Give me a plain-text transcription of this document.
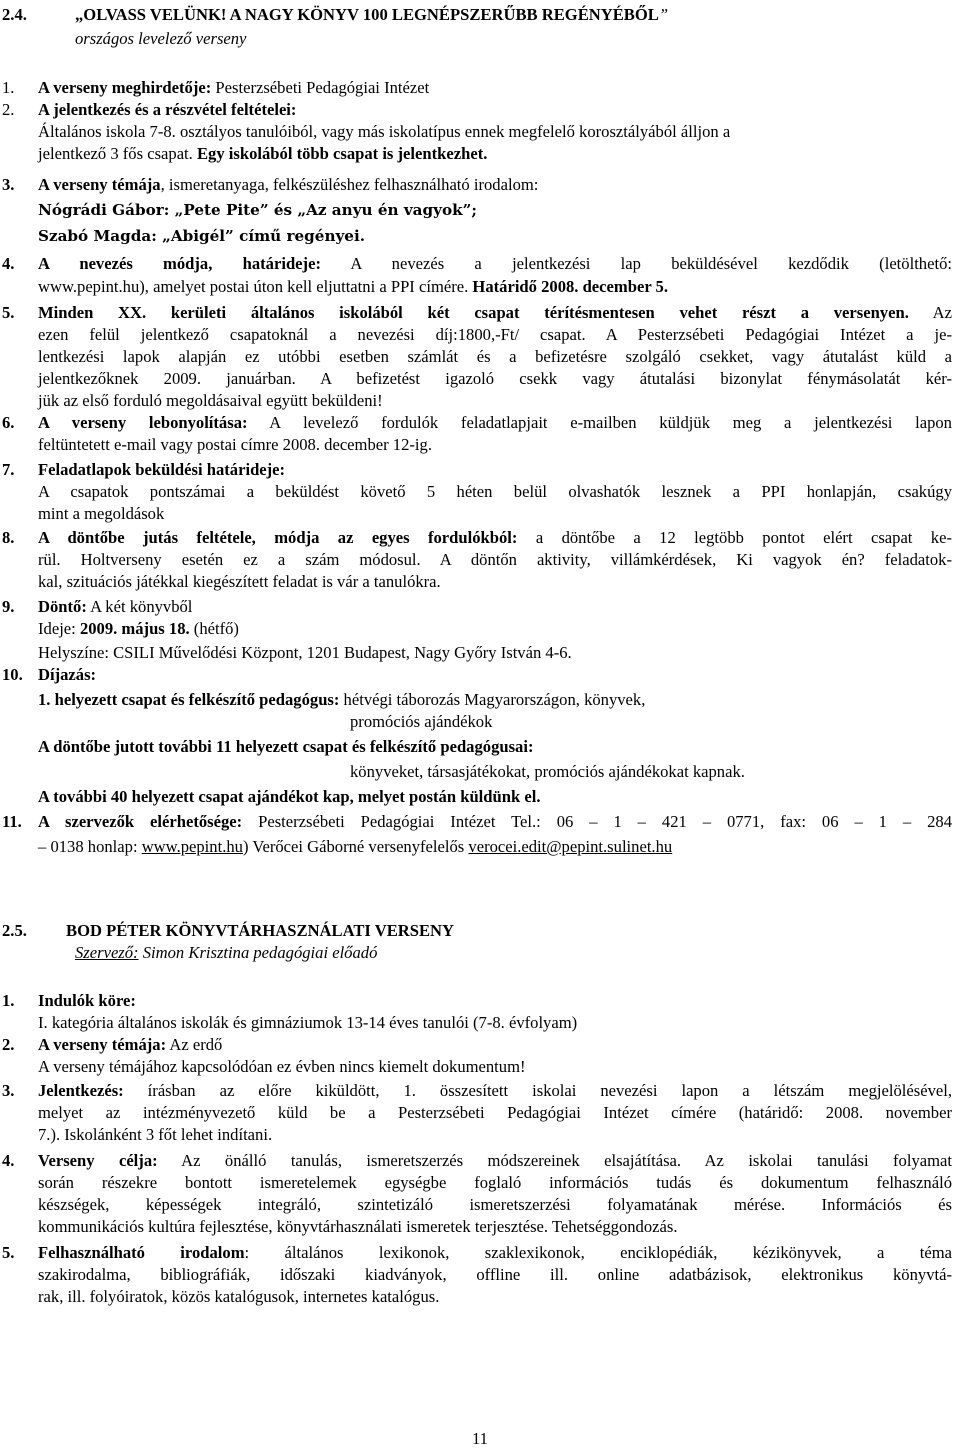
2.4.	„OLVASS VELÜNK! A NAGY KÖNYV 100 LEGNÉPSZERŰBB REGÉNYÉBŐL”
országos levelező verseny
1. A verseny meghirdetője: Pesterzsébeti Pedagógiai Intézet
2. A jelentkezés és a részvétel feltételei:
Általános iskola 7-8. osztályos tanulóiból, vagy más iskolatípus ennek megfelelő korosztályából álljon a
jelentkező 3 fős csapat. Egy iskolából több csapat is jelentkezhet.
3. A verseny témája, ismeretanyaga, felkészüléshez felhasználható irodalom:
Nógrádi Gábor: „Pete Pite” és „Az anyu én vagyok”;
Szabó Magda: „Abigél” című regényei.
4. A nevezés módja, határideje: A nevezés a jelentkezési lap beküldésével kezdődik (letölthető:
www.pepint.hu), amelyet postai úton kell eljuttatni a PPI címére. Határidő 2008. december 5.
5. Minden XX. kerületi általános iskolából két csapat térítésmentesen vehet részt a versenyen. Az
ezen felül jelentkező csapatoknál a nevezési díj:1800,-Ft/ csapat. A Pesterzsébeti Pedagógiai Intézet a je-
lentkezési lapok alapján ez utóbbi esetben számlát és a befizetésre szolgáló csekket, vagy átutalást küld a
jelentkezőknek 2009. januárban. A befizetést igazoló csekk vagy átutalási bizonylat fénymásolatát kér-
jük az első forduló megoldásaival együtt beküldeni!
6. A verseny lebonyolítása: A levelező fordulók feladatlapjait e-mailben küldjük meg a jelentkezési lapon
feltüntetett e-mail vagy postai címre 2008. december 12-ig.
7. Feladatlapok beküldési határideje:
A csapatok pontszámai a beküldést követő 5 héten belül olvashatók lesznek a PPI honlapján, csakúgy
mint a megoldások
8. A döntőbe jutás feltétele, módja az egyes fordulókból: a döntőbe a 12 legtöbb pontot elért csapat ke-
rül. Holtverseny esetén ez a szám módosul. A döntőn aktivity, villámkérdések, Ki vagyok én? feladatok-
kal, szituációs játékkal kiegészített feladat is vár a tanulókra.
9. Döntő: A két könyvből
Ideje: 2009. május 18. (hétfő)
Helyszíne: CSILI Művelődési Központ, 1201 Budapest, Nagy Győry István 4-6.
10. Díjazás:
1. helyezett csapat és felkészítő pedagógus: hétvégi táborozás Magyarországon, könyvek,
promóciós ajándékok
A döntőbe jutott további 11 helyezett csapat és felkészítő pedagógusai:
könyveket, társasjátékokat, promóciós ajándékokat kapnak.
A további 40 helyezett csapat ajándékot kap, melyet postán küldünk el.
11. A szervezők elérhetősége: Pesterzsébeti Pedagógiai Intézet Tel.: 06 – 1 – 421 – 0771, fax: 06 – 1 – 284
– 0138 honlap: www.pepint.hu) Verőcei Gáborné versenyfelelős verocei.edit@pepint.sulinet.hu
2.5. BOD PÉTER KÖNYVTÁRHASZNÁLATI VERSENY
Szervező: Simon Krisztina pedagógiai előadó
1. Indulók köre:
I. kategória általános iskolák és gimnáziumok 13-14 éves tanulói (7-8. évfolyam)
2. A verseny témája: Az erdő
A verseny témájához kapcsolódóan ez évben nincs kiemelt dokumentum!
3. Jelentkezés: írásban az előre kiküldött, 1. összesített iskolai nevezési lapon a létszám megjelölésével,
melyet az intézményvezető küld be a Pesterzsébeti Pedagógiai Intézet címére (határidő: 2008. november
7.). Iskolánként 3 főt lehet indítani.
4. Verseny célja: Az önálló tanulás, ismeretszerzés módszereinek elsajátítása. Az iskolai tanulási folyamat
során részekre bontott ismeretelemek egységbe foglaló információs tudás és dokumentum felhasználó
készségek, képességek integráló, szintetizáló ismeretszerzési folyamatának mérése. Információs és
kommunikációs kultúra fejlesztése, könyvtárhasználati ismeretek terjesztése. Tehetséggondozás.
5. Felhasználható irodalom: általános lexikonok, szaklexikonok, enciklopédiák, kézikönyvek, a téma
szakirodalma, bibliográfiák, időszaki kiadványok, offline ill. online adatbázisok, elektronikus könyvtá-
rak, ill. folyóiratok, közös katalógusok, internetes katalógus.
11
